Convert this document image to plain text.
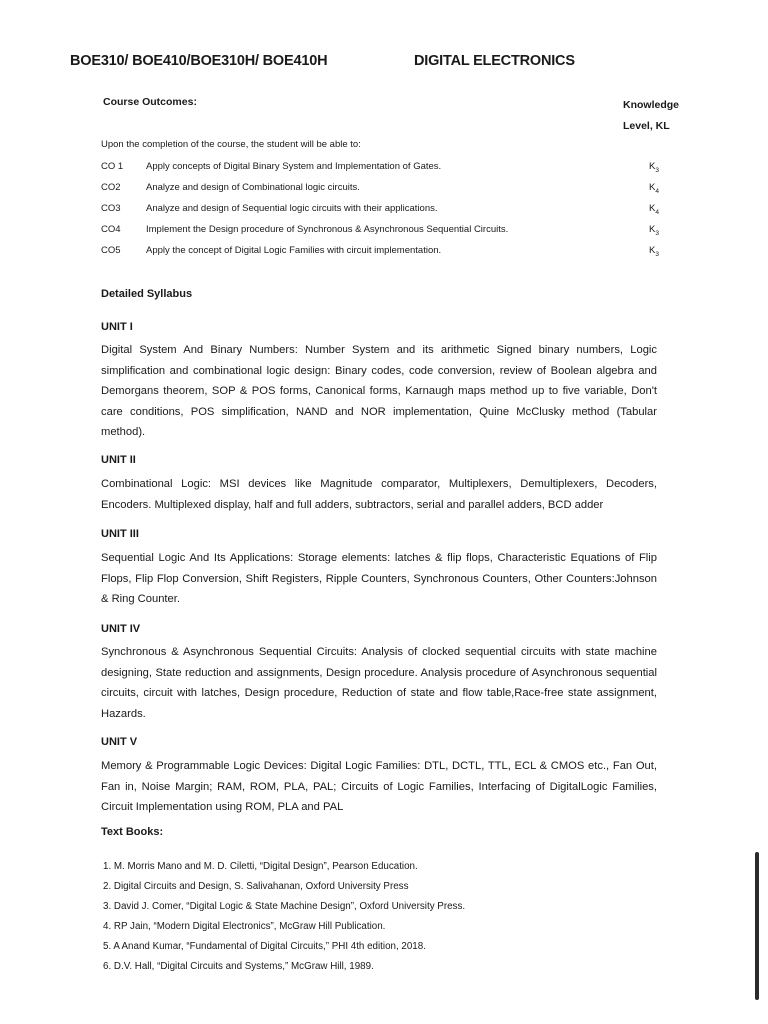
BOE310/ BOE410/BOE310H/ BOE410H	DIGITAL ELECTRONICS
Course Outcomes:	Knowledge
Level, KL
Upon the completion of the course, the student will be able to:
CO 1	Apply concepts of Digital Binary System and Implementation of Gates.	$K_3$
CO2	Analyze and design of Combinational logic circuits.	$K_4$
CO3	Analyze and design of Sequential logic circuits with their applications.	$K_4$
CO4	Implement the Design procedure of Synchronous & Asynchronous Sequential Circuits.	$K_3$
CO5	Apply the concept of Digital Logic Families with circuit implementation.	$K_3$
Detailed Syllabus
UNIT I
Digital System And Binary Numbers: Number System and its arithmetic Signed binary numbers, Logic simplification and combinational logic design: Binary codes, code conversion, review of Boolean algebra and Demorgans theorem, SOP & POS forms, Canonical forms, Karnaugh maps method up to five variable, Don't care conditions, POS simplification, NAND and NOR implementation, Quine McClusky method (Tabular method).
UNIT II
Combinational Logic: MSI devices like Magnitude comparator, Multiplexers, Demultiplexers, Decoders, Encoders. Multiplexed display, half and full adders, subtractors, serial and parallel adders, BCD adder
UNIT III
Sequential Logic And Its Applications: Storage elements: latches & flip flops, Characteristic Equations of Flip Flops, Flip Flop Conversion, Shift Registers, Ripple Counters, Synchronous Counters, Other Counters:Johnson & Ring Counter.
UNIT IV
Synchronous & Asynchronous Sequential Circuits: Analysis of clocked sequential circuits with state machine designing, State reduction and assignments, Design procedure. Analysis procedure of Asynchronous sequential circuits, circuit with latches, Design procedure, Reduction of state and flow table,Race-free state assignment, Hazards.
UNIT V
Memory & Programmable Logic Devices: Digital Logic Families: DTL, DCTL, TTL, ECL & CMOS etc., Fan Out, Fan in, Noise Margin; RAM, ROM, PLA, PAL; Circuits of Logic Families, Interfacing of DigitalLogic Families, Circuit Implementation using ROM, PLA and PAL
Text Books:
1. M. Morris Mano and M. D. Ciletti, “Digital Design”, Pearson Education.
2. Digital Circuits and Design, S. Salivahanan, Oxford University Press
3. David J. Comer, “Digital Logic & State Machine Design”, Oxford University Press.
4. RP Jain, “Modern Digital Electronics”, McGraw Hill Publication.
5. A Anand Kumar, “Fundamental of Digital Circuits,” PHI 4th edition, 2018.
6. D.V. Hall, “Digital Circuits and Systems,” McGraw Hill, 1989.
